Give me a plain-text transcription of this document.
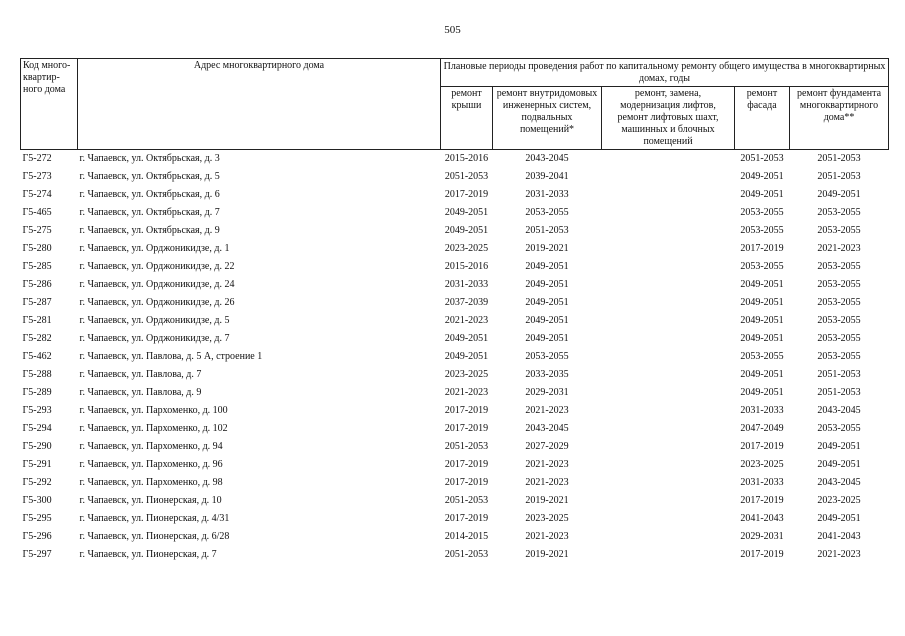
505
Код много-квартир-ного дома	Адрес многоквартирного дома	Плановые периоды проведения работ по капитальному ремонту общего имущества в многоквартирных домах, годы				
		ремонт крыши	ремонт внутридомовых инженерных систем, подвальных помещений*	ремонт, замена, модернизация лифтов, ремонт лифтовых шахт, машинных и блочных помещений	ремонт фасада	ремонт фундамента многоквартирного дома**
Г5-272	г. Чапаевск, ул. Октябрьская, д. 3	2015-2016	2043-2045		2051-2053	2051-2053
Г5-273	г. Чапаевск, ул. Октябрьская, д. 5	2051-2053	2039-2041		2049-2051	2051-2053
Г5-274	г. Чапаевск, ул. Октябрьская, д. 6	2017-2019	2031-2033		2049-2051	2049-2051
Г5-465	г. Чапаевск, ул. Октябрьская, д. 7	2049-2051	2053-2055		2053-2055	2053-2055
Г5-275	г. Чапаевск, ул. Октябрьская, д. 9	2049-2051	2051-2053		2053-2055	2053-2055
Г5-280	г. Чапаевск, ул. Орджоникидзе, д. 1	2023-2025	2019-2021		2017-2019	2021-2023
Г5-285	г. Чапаевск, ул. Орджоникидзе, д. 22	2015-2016	2049-2051		2053-2055	2053-2055
Г5-286	г. Чапаевск, ул. Орджоникидзе, д. 24	2031-2033	2049-2051		2049-2051	2053-2055
Г5-287	г. Чапаевск, ул. Орджоникидзе, д. 26	2037-2039	2049-2051		2049-2051	2053-2055
Г5-281	г. Чапаевск, ул. Орджоникидзе, д. 5	2021-2023	2049-2051		2049-2051	2053-2055
Г5-282	г. Чапаевск, ул. Орджоникидзе, д. 7	2049-2051	2049-2051		2049-2051	2053-2055
Г5-462	г. Чапаевск, ул. Павлова, д. 5 А, строение 1	2049-2051	2053-2055		2053-2055	2053-2055
Г5-288	г. Чапаевск, ул. Павлова, д. 7	2023-2025	2033-2035		2049-2051	2051-2053
Г5-289	г. Чапаевск, ул. Павлова, д. 9	2021-2023	2029-2031		2049-2051	2051-2053
Г5-293	г. Чапаевск, ул. Пархоменко, д. 100	2017-2019	2021-2023		2031-2033	2043-2045
Г5-294	г. Чапаевск, ул. Пархоменко, д. 102	2017-2019	2043-2045		2047-2049	2053-2055
Г5-290	г. Чапаевск, ул. Пархоменко, д. 94	2051-2053	2027-2029		2017-2019	2049-2051
Г5-291	г. Чапаевск, ул. Пархоменко, д. 96	2017-2019	2021-2023		2023-2025	2049-2051
Г5-292	г. Чапаевск, ул. Пархоменко, д. 98	2017-2019	2021-2023		2031-2033	2043-2045
Г5-300	г. Чапаевск, ул. Пионерская, д. 10	2051-2053	2019-2021		2017-2019	2023-2025
Г5-295	г. Чапаевск, ул. Пионерская, д. 4/31	2017-2019	2023-2025		2041-2043	2049-2051
Г5-296	г. Чапаевск, ул. Пионерская, д. 6/28	2014-2015	2021-2023		2029-2031	2041-2043
Г5-297	г. Чапаевск, ул. Пионерская, д. 7	2051-2053	2019-2021		2017-2019	2021-2023
